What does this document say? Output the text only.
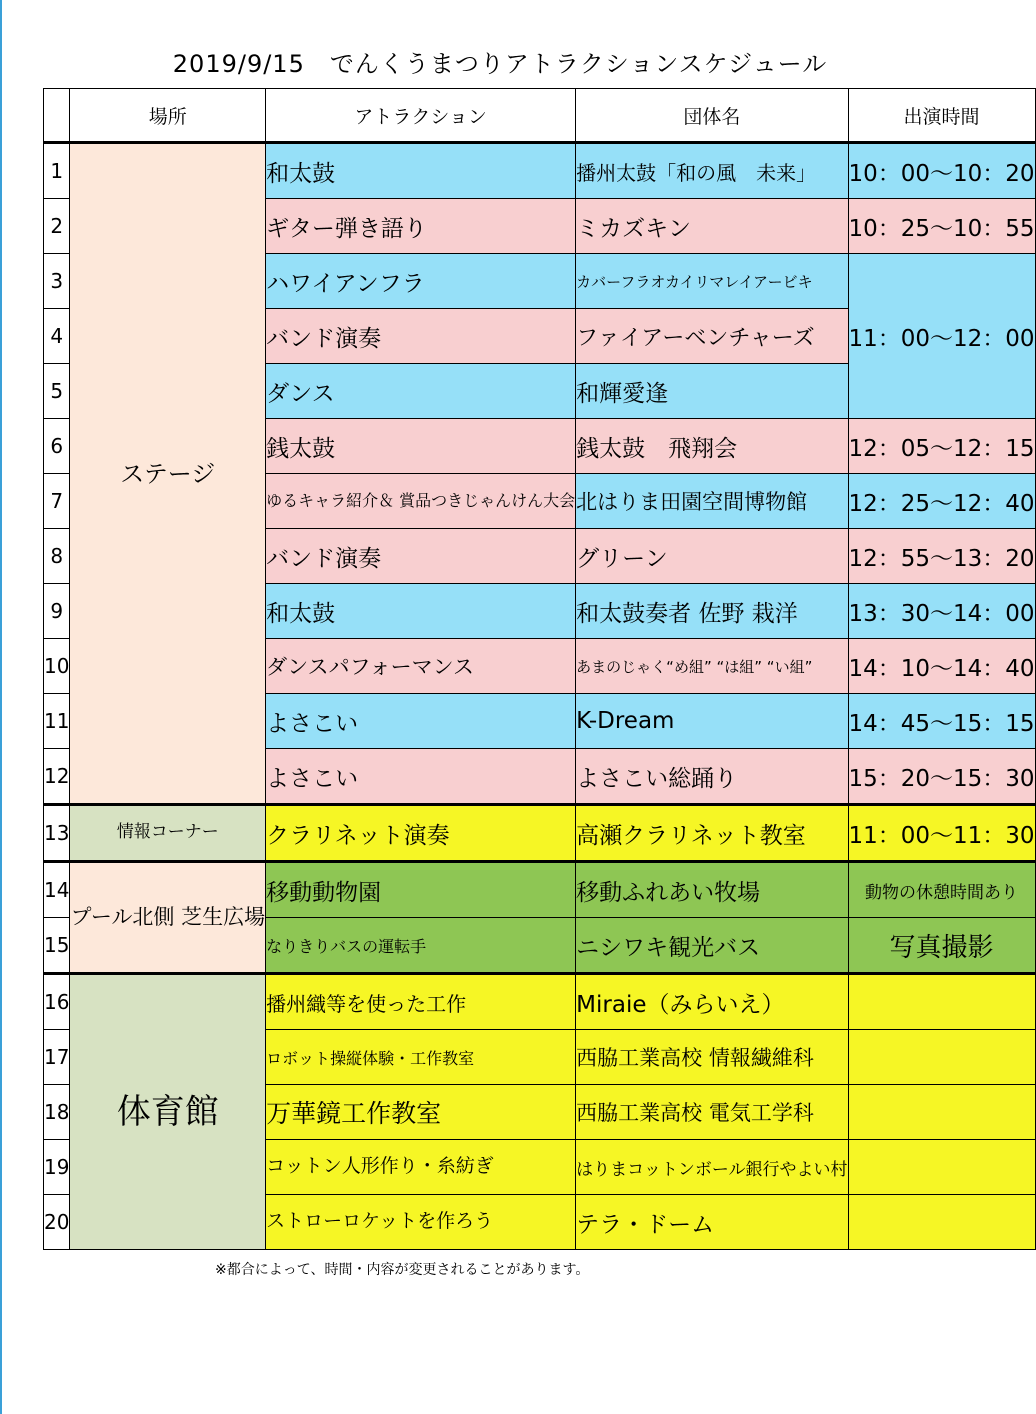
2019/9/15　でんくうまつりアトラクションスケジュール
	場所	アトラクション	団体名	出演時間
1	ステージ	和太鼓	播州太鼓「和の風　未来」	10：00～10：20
2		ギター弾き語り	ミカズキン	10：25～10：55
3		ハワイアンフラ	カバーフラオカイリマレイアービキ	11：00～12：00
4		バンド演奏	ファイアーベンチャーズ	
5		ダンス	和輝愛逢	
6		銭太鼓	銭太鼓　飛翔会	12：05～12：15
7		ゆるキャラ紹介＆ 賞品つきじゃんけん大会	北はりま田園空間博物館	12：25～12：40
8		バンド演奏	グリーン	12：55～13：20
9		和太鼓	和太鼓奏者 佐野 栽洋	13：30～14：00
10		ダンスパフォーマンス	あまのじゃく“め組” “は組” “い組”	14：10～14：40
11		よさこい	K-Dream	14：45～15：15
12		よさこい	よさこい総踊り	15：20～15：30
13	情報コーナー	クラリネット演奏	高瀬クラリネット教室	11：00～11：30
14	プール北側 芝生広場	移動動物園	移動ふれあい牧場	動物の休憩時間あり
15		なりきりバスの運転手	ニシワキ観光バス	写真撮影
16	体育館	播州織等を使った工作	Miraie（みらいえ）	
17		ロボット操縦体験・工作教室	西脇工業高校 情報繊維科	
18		万華鏡工作教室	西脇工業高校 電気工学科	
19		コットン人形作り・糸紡ぎ	はりまコットンボール銀行やよい村	
20		ストローロケットを作ろう	テラ・ドーム	
※都合によって、時間・内容が変更されることがあります。
